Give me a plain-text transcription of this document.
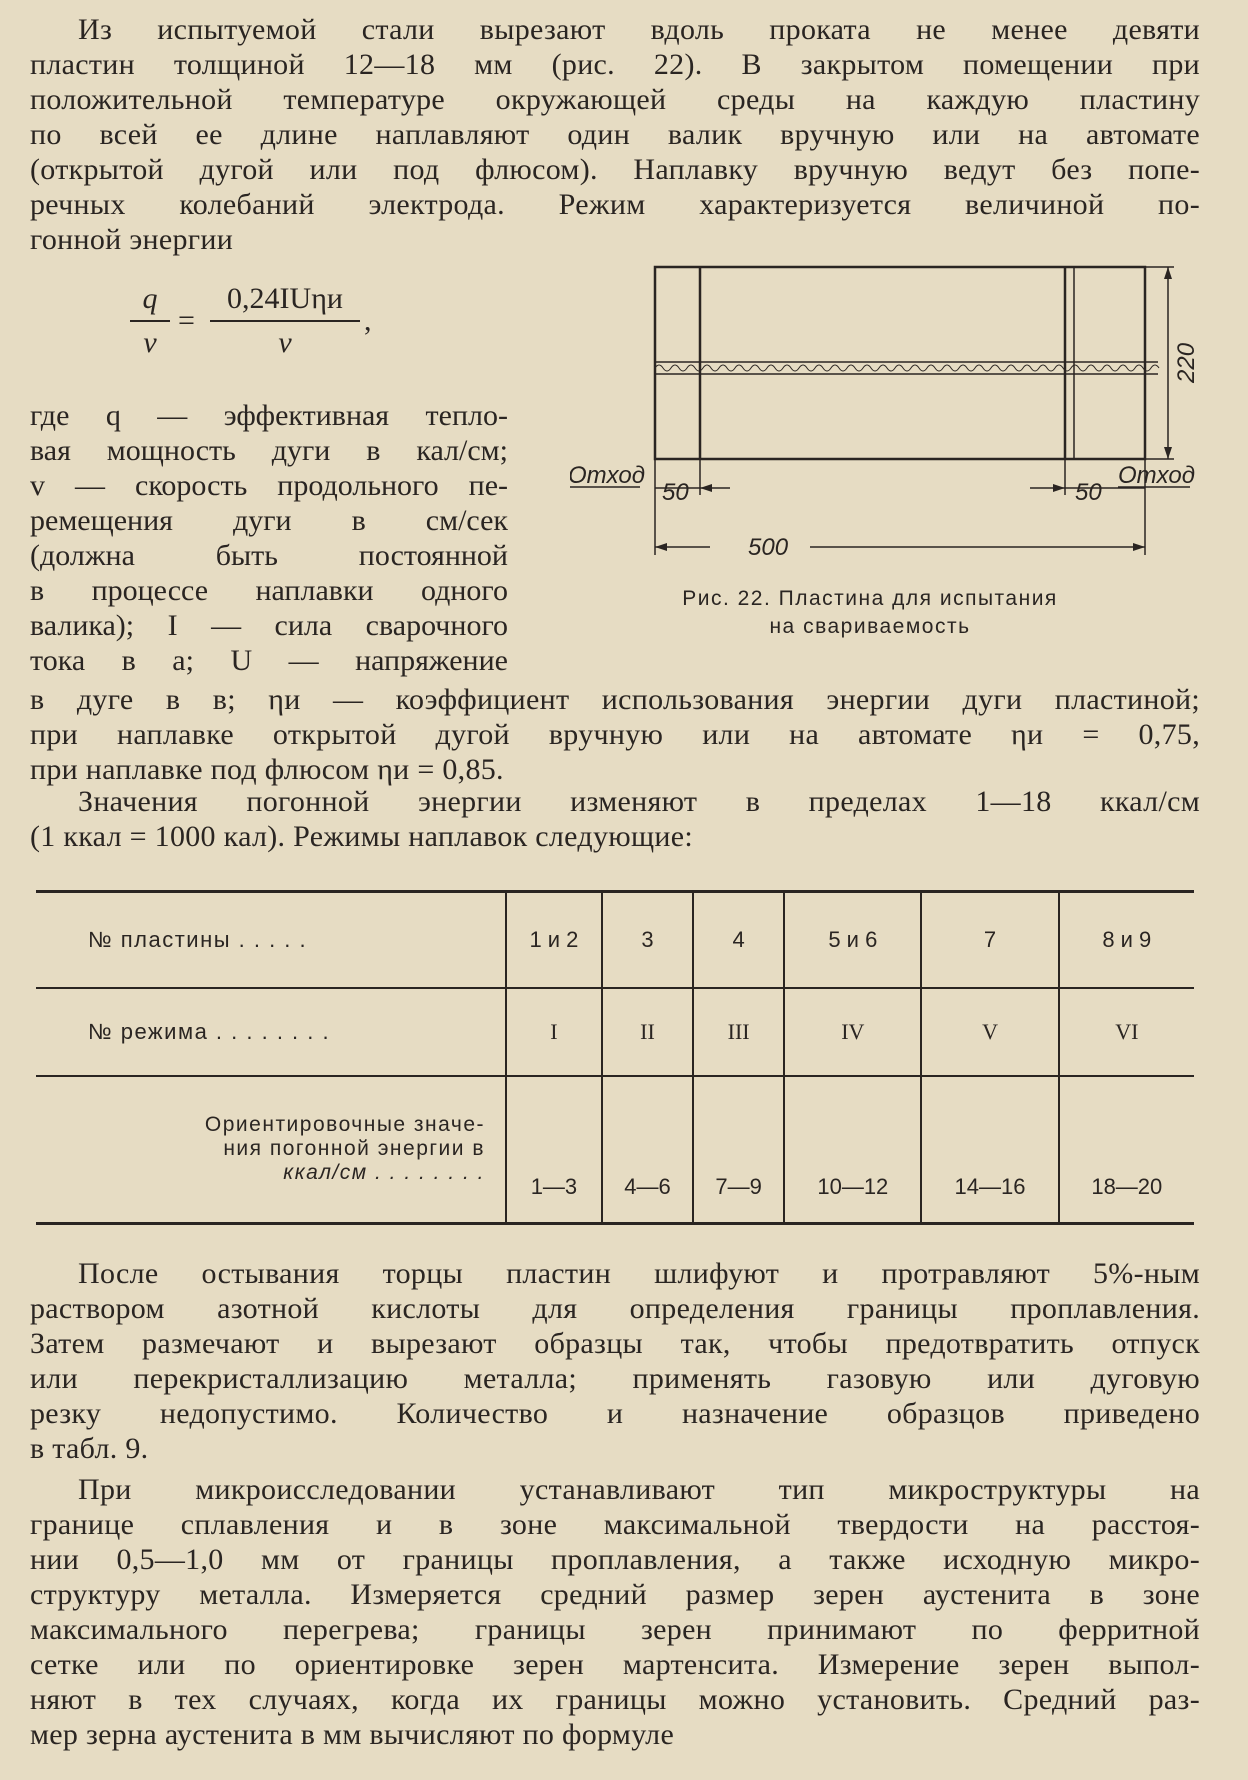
Из испытуемой стали вырезают вдоль проката не менее девяти
пластин толщиной 12—18 мм (рис. 22). В закрытом помещении при
положительной температуре окружающей среды на каждую пластину
по всей ее длине наплавляют один валик вручную или на автомате
(открытой дугой или под флюсом). Наплавку вручную ведут без попе-
речных колебаний электрода. Режим характеризуется величиной по-
гонной энергии
q
v
=
0,24IUηи
v
,
где q — эффективная тепло-
вая мощность дуги в кал/см;
v — скорость продольного пе-
ремещения дуги в см/сек
(должна быть постоянной
в процессе наплавки одного
валика); I — сила сварочного
тока в а; U — напряжение
Отход
50	50
Отход
500
220
Рис. 22. Пластина для испытания
на свариваемость
в дуге в в; ηи — коэффициент использования энергии дуги пластиной;
при наплавке открытой дугой вручную или на автомате ηи = 0,75,
при наплавке под флюсом ηи = 0,85.
Значения погонной энергии изменяют в пределах 1—18 ккал/см
(1 ккал = 1000 кал). Режимы наплавок следующие:
№ пластины . . . . .	1 и 2	3	4	5 и 6	7	8 и 9
№ режима . . . . . . . .	I	II	III	IV	V	VI

Ориентировочные значе-
ния погонной энергии в
ккал/см . . . . . . . .	1—3	4—6	7—9	10—12	14—16	18—20
После остывания торцы пластин шлифуют и протравляют 5%-ным
раствором азотной кислоты для определения границы проплавления.
Затем размечают и вырезают образцы так, чтобы предотвратить отпуск
или перекристаллизацию металла; применять газовую или дуговую
резку недопустимо. Количество и назначение образцов приведено
в табл. 9.
При микроисследовании устанавливают тип микроструктуры на
границе сплавления и в зоне максимальной твердости на расстоя-
нии 0,5—1,0 мм от границы проплавления, а также исходную микро-
структуру металла. Измеряется средний размер зерен аустенита в зоне
максимального перегрева; границы зерен принимают по ферритной
сетке или по ориентировке зерен мартенсита. Измерение зерен выпол-
няют в тех случаях, когда их границы можно установить. Средний раз-
мер зерна аустенита в мм вычисляют по формуле
